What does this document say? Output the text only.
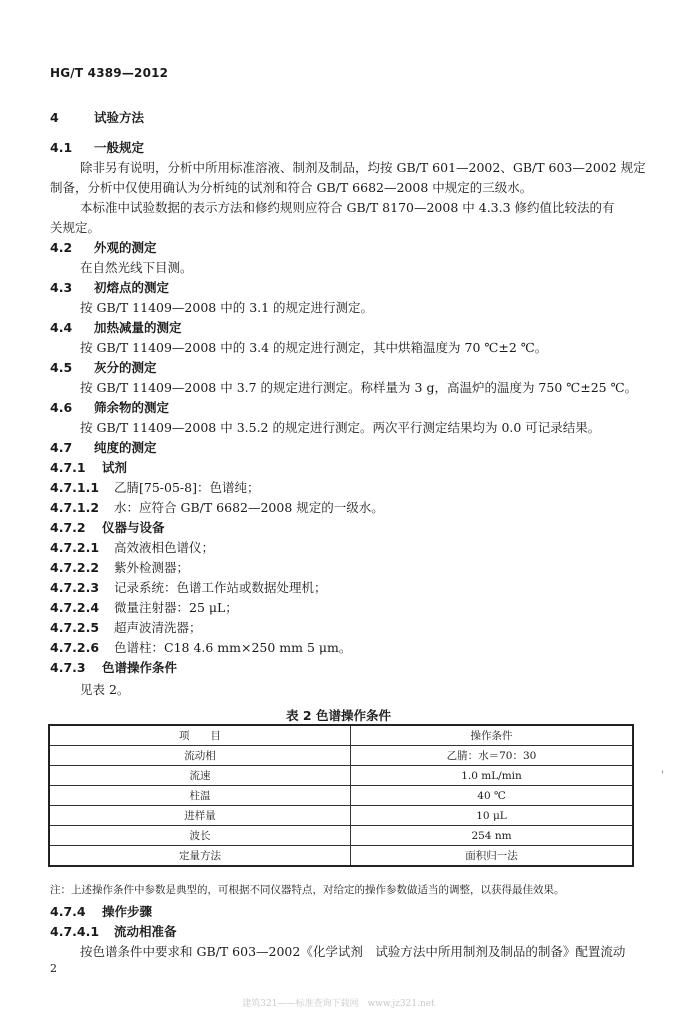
HG/T 4389—2012
4	试验方法
4.1 一般规定
除非另有说明，分析中所用标准溶液、制剂及制品，均按 GB/T 601—2002、GB/T 603—2002 规定
制备，分析中仅使用确认为分析纯的试剂和符合 GB/T 6682—2008 中规定的三级水。
本标准中试验数据的表示方法和修约规则应符合 GB/T 8170—2008 中 4.3.3 修约值比较法的有
关规定。
4.2 外观的测定
在自然光线下目测。
4.3 初熔点的测定
按 GB/T 11409—2008 中的 3.1 的规定进行测定。
4.4 加热减量的测定
按 GB/T 11409—2008 中的 3.4 的规定进行测定，其中烘箱温度为 70 ℃±2 ℃。
4.5 灰分的测定
按 GB/T 11409—2008 中 3.7 的规定进行测定。称样量为 3 g，高温炉的温度为 750 ℃±25 ℃。
4.6 筛余物的测定
按 GB/T 11409—2008 中 3.5.2 的规定进行测定。两次平行测定结果均为 0.0 可记录结果。
4.7 纯度的测定
4.7.1 试剂
4.7.1.1 乙腈[75-05-8]：色谱纯；
4.7.1.2 水：应符合 GB/T 6682—2008 规定的一级水。
4.7.2 仪器与设备
4.7.2.1 高效液相色谱仪；
4.7.2.2 紫外检测器；
4.7.2.3 记录系统：色谱工作站或数据处理机；
4.7.2.4 微量注射器：25 μL；
4.7.2.5 超声波清洗器；
4.7.2.6 色谱柱：C18 4.6 mm×250 mm 5 μm。
4.7.3 色谱操作条件
见表 2。
表 2 色谱操作条件
项　　目	操作条件
流动相	乙腈：水＝70：30
流速	1.0 mL/min
柱温	40 ℃
进样量	10 μL
波长	254 nm
定量方法	面积归一法
注：上述操作条件中参数是典型的，可根据不同仪器特点，对给定的操作参数做适当的调整，以获得最佳效果。
4.7.4 操作步骤
4.7.4.1 流动相准备
按色谱条件中要求和 GB/T 603—2002《化学试剂　试验方法中所用制剂及制品的制备》配置流动
2
'
建筑321——标准查询下载网　www.jz321.net
